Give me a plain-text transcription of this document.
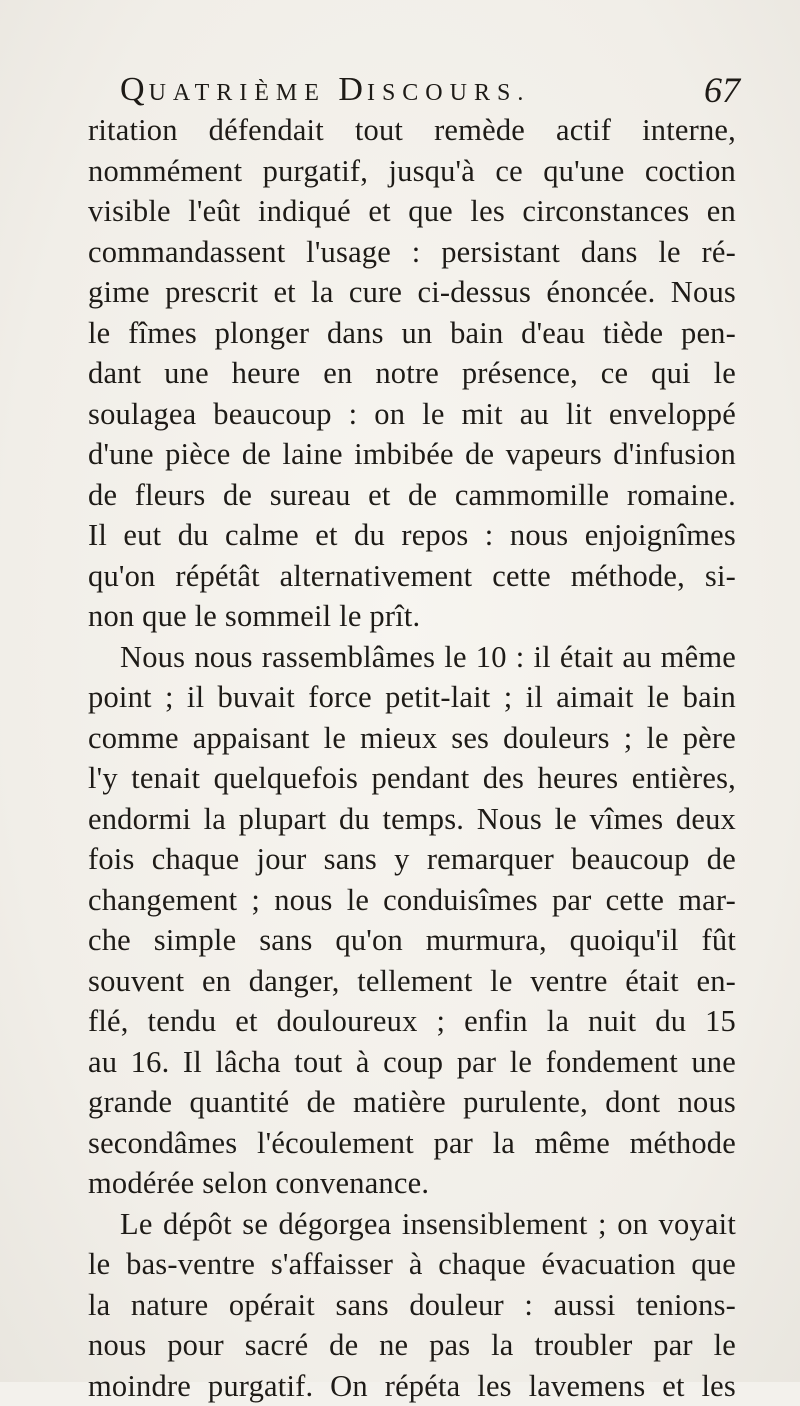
QUATRIÈME DISCOURS.	67
ritation défendait tout remède actif interne,
nommément purgatif, jusqu'à ce qu'une coction
visible l'eût indiqué et que les circonstances en
commandassent l'usage : persistant dans le ré-
gime prescrit et la cure ci-dessus énoncée. Nous
le fîmes plonger dans un bain d'eau tiède pen-
dant une heure en notre présence, ce qui le
soulagea beaucoup : on le mit au lit enveloppé
d'une pièce de laine imbibée de vapeurs d'infusion
de fleurs de sureau et de cammomille romaine.
Il eut du calme et du repos : nous enjoignîmes
qu'on répétât alternativement cette méthode, si-
non que le sommeil le prît.
Nous nous rassemblâmes le 10 : il était au même
point ; il buvait force petit-lait ; il aimait le bain
comme appaisant le mieux ses douleurs ; le père
l'y tenait quelquefois pendant des heures entières,
endormi la plupart du temps. Nous le vîmes deux
fois chaque jour sans y remarquer beaucoup de
changement ; nous le conduisîmes par cette mar-
che simple sans qu'on murmura, quoiqu'il fût
souvent en danger, tellement le ventre était en-
flé, tendu et douloureux ; enfin la nuit du 15
au 16. Il lâcha tout à coup par le fondement une
grande quantité de matière purulente, dont nous
secondâmes l'écoulement par la même méthode
modérée selon convenance.
Le dépôt se dégorgea insensiblement ; on voyait
le bas-ventre s'affaisser à chaque évacuation que
la nature opérait sans douleur : aussi tenions-
nous pour sacré de ne pas la troubler par le
moindre purgatif. On répéta les lavemens et les
